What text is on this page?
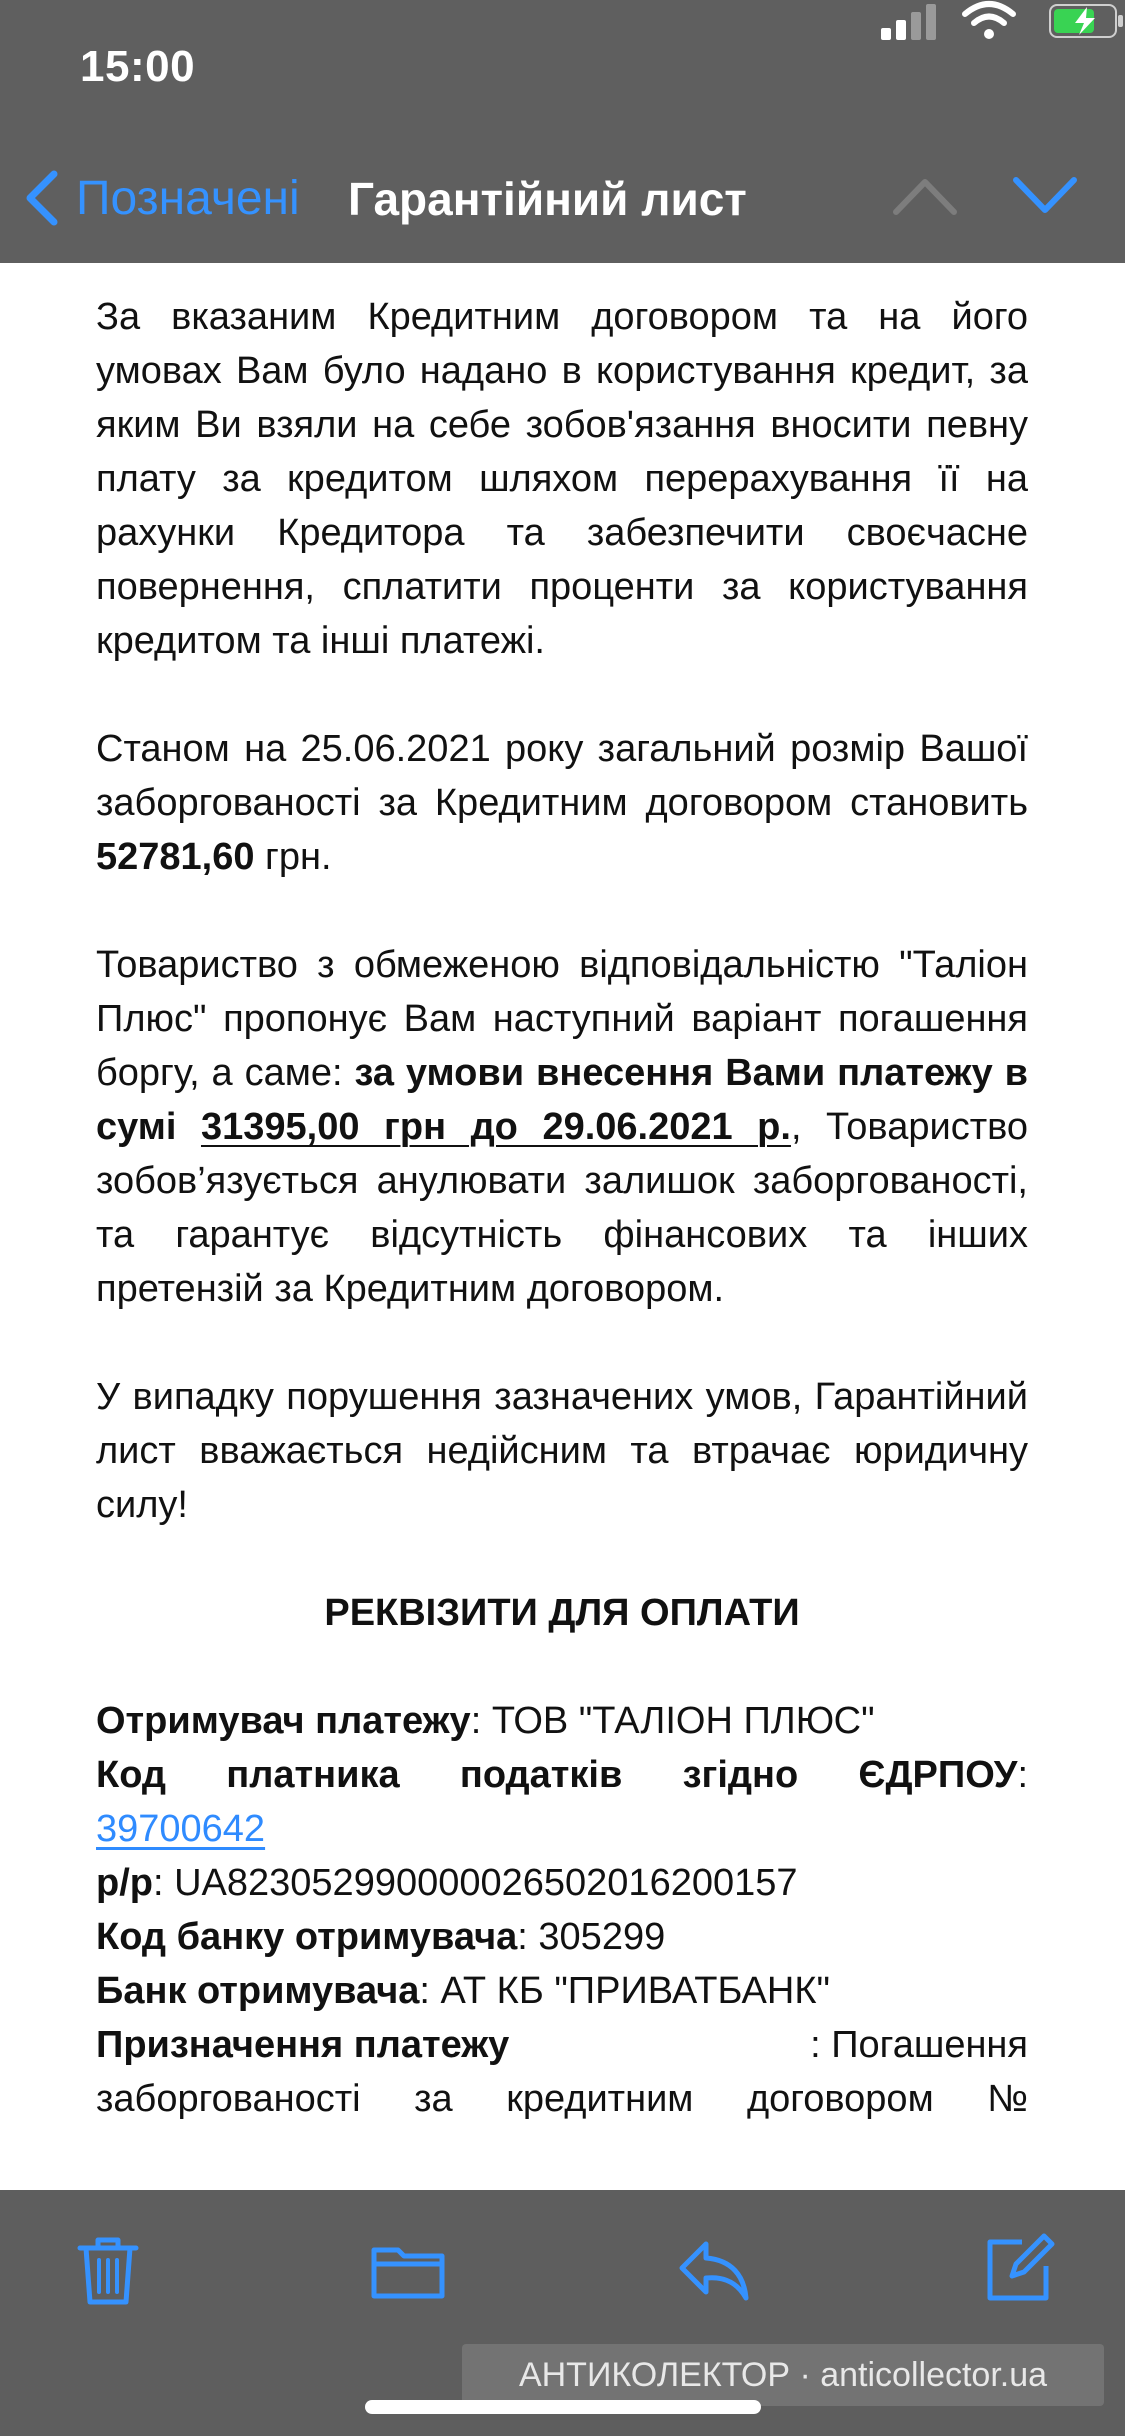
15:00
Позначені Гарантійний лист

За вказаним Кредитним договором та на його умовах Вам було надано в користування кредит, за яким Ви взяли на себе зобов'язання вносити певну плату за кредитом шляхом перерахування її на рахунки Кредитора та забезпечити своєчасне повернення, сплатити проценти за користування кредитом та інші платежі.

Станом на 25.06.2021 року загальний розмір Вашої заборгованості за Кредитним договором становить 52781,60 грн.

Товариство з обмеженою відповідальністю "Таліон Плюс" пропонує Вам наступний варіант погашення боргу, а саме: за умови внесення Вами платежу в сумі 31395,00 грн до 29.06.2021 р., Товариство зобов’язується анулювати залишок заборгованості, та гарантує відсутність фінансових та інших претензій за Кредитним договором.

У випадку порушення зазначених умов, Гарантійний лист вважається недійсним та втрачає юридичну силу!

РЕКВІЗИТИ ДЛЯ ОПЛАТИ
Отримувач платежу: ТОВ "ТАЛІОН ПЛЮС"
Код платника податків згідно ЄДРПОУ:
39700642
р/р: UA823052990000026502016200157
Код банку отримувача: 305299
Банк отримувача: АТ КБ "ПРИВАТБАНК"
Призначення платежу	: Погашення
заборгованості за кредитним договором №
АНТИКОЛЕКТОР · anticollector.ua
